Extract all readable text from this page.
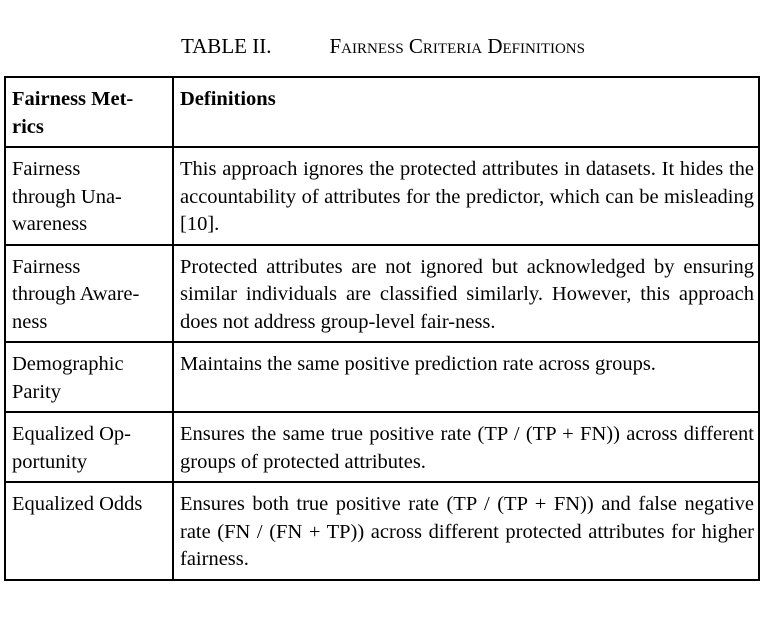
TABLE II.	Fairness Criteria Definitions
Fairness Met-
rics	Definitions
Fairness
through Una-
wareness	This approach ignores the protected attributes in datasets. It hides the accountability of attributes for the predictor, which can be misleading [10].
Fairness
through Aware-
ness	Protected attributes are not ignored but acknowledged by ensuring similar individuals are classified similarly. However, this approach does not address group-level fair-ness.
Demographic
Parity	Maintains the same positive prediction rate across groups.
Equalized Op-
portunity	Ensures the same true positive rate (TP / (TP + FN)) across different groups of protected attributes.
Equalized Odds	Ensures both true positive rate (TP / (TP + FN)) and false negative rate (FN / (FN + TP)) across different protected attributes for higher fairness.
